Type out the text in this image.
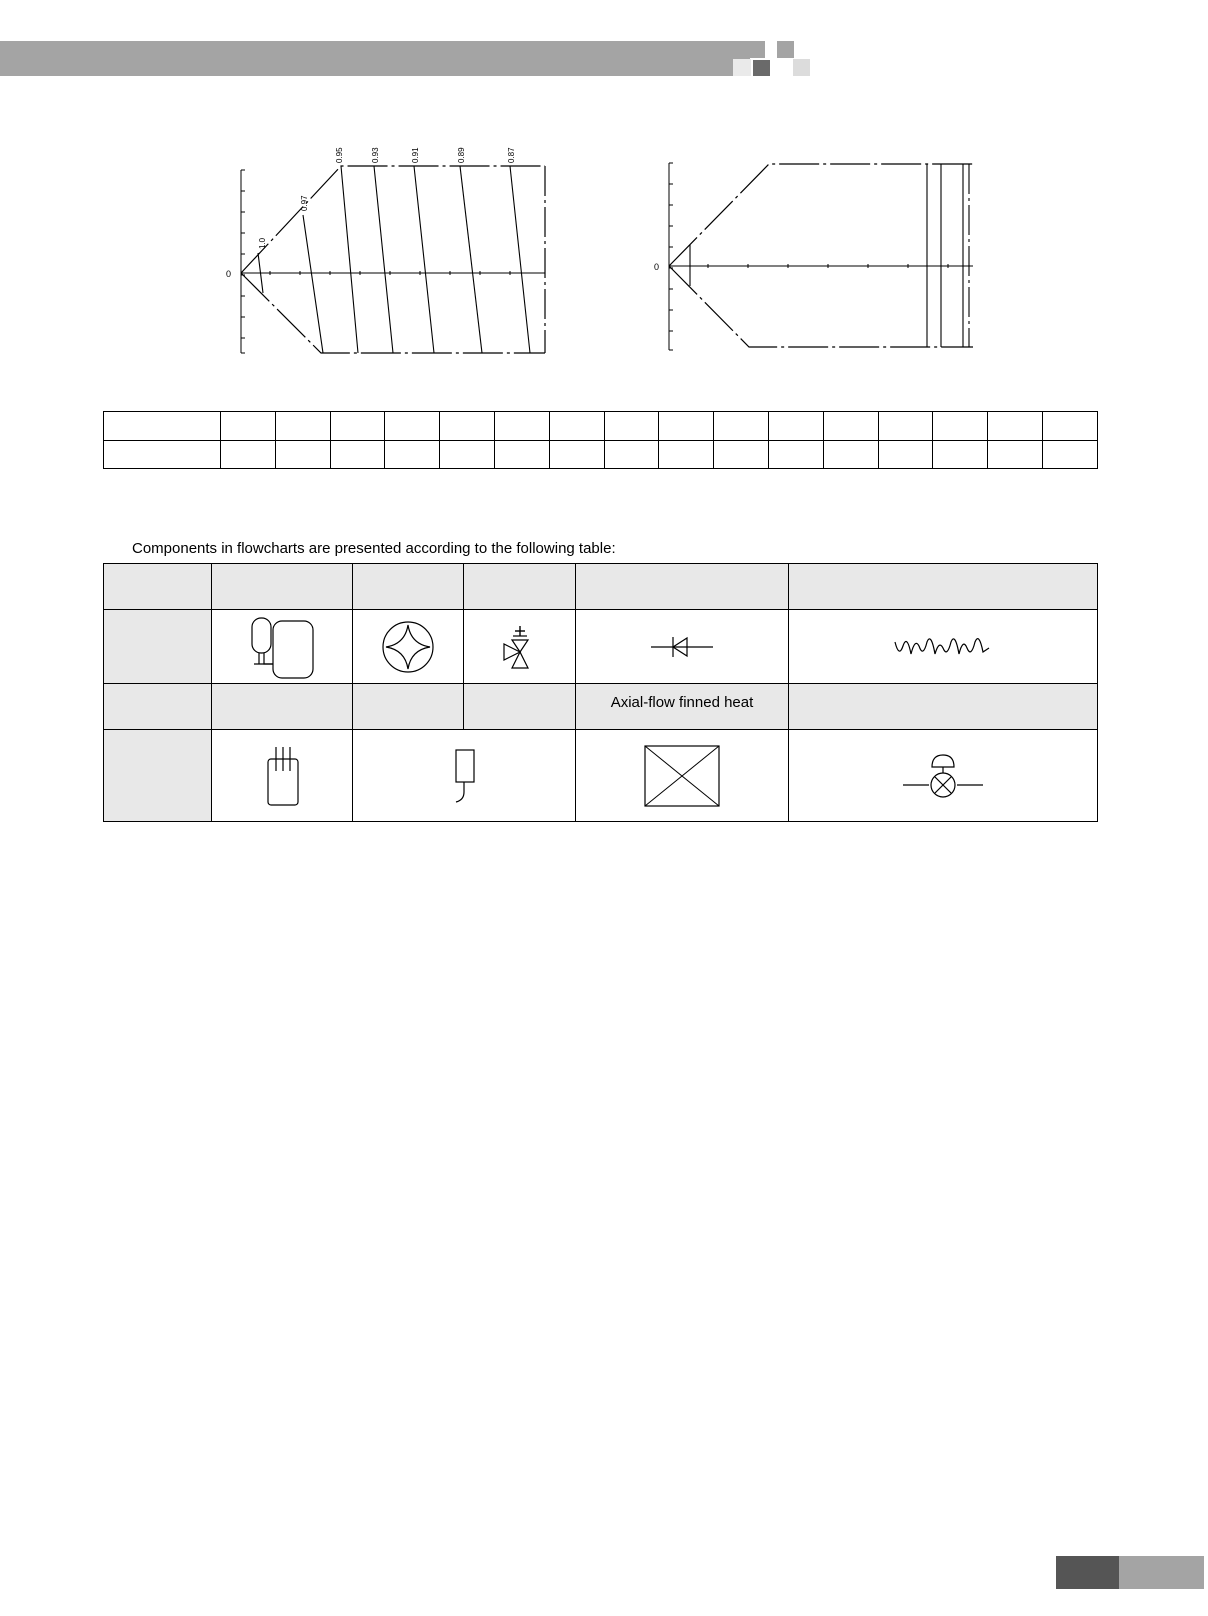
0
1.0
0.97
0.95	0.93	0.91	0.89	0.87
0

Components in flowcharts are presented according to the following table:

				Axial-flow finned heat	
